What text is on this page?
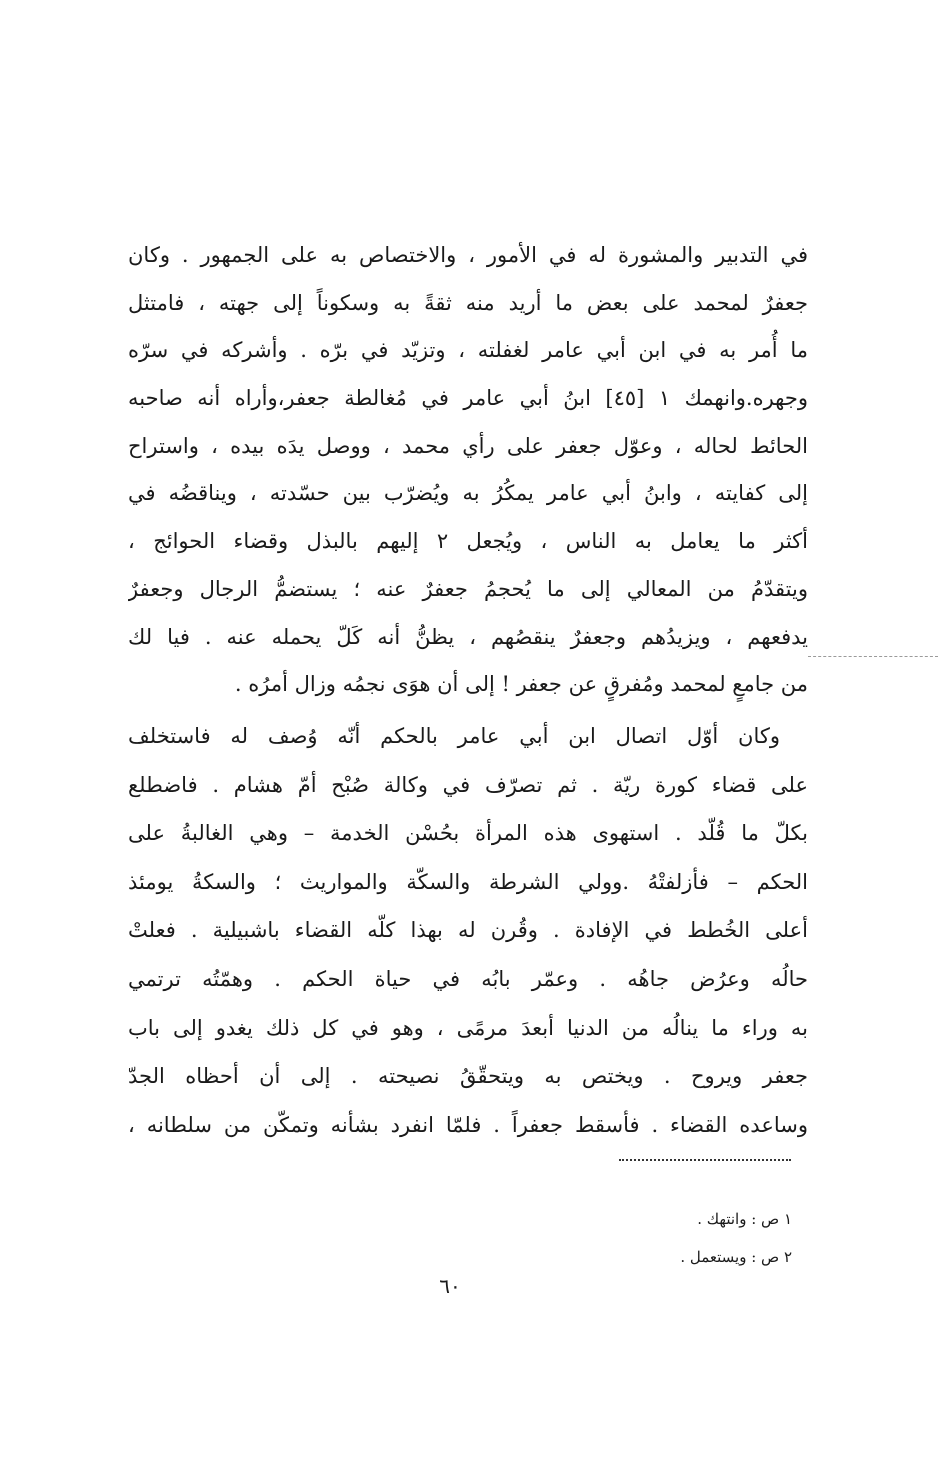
في التدبير والمشورة له في الأمور ، والاختصاص به على الجمهور . وكان
جعفرٌ لمحمد على بعض ما أريد منه ثقةً به وسكوناً إلى جهته ، فامتثل
ما أُمر به في ابن أبي عامر لغفلته ، وتزيّد في برّه . وأشركه في سرّه
وجهره.وانهمك ١ [٤٥] ابنُ أبي عامر في مُغالطة جعفر،وأراه أنه صاحبه
الحائط لحاله ، وعوّل جعفر على رأي محمد ، ووصل يدَه بيده ، واستراح
إلى كفايته ، وابنُ أبي عامر يمكُرُ به ويُضرّب بين حسّدته ، ويناقضُه في
أكثر ما يعامل به الناس ، ويُجعل ٢ إليهم بالبذل وقضاء الحوائج ،
ويتقدّمُ من المعالي إلى ما يُحجمُ جعفرٌ عنه ؛ يستضمُّ الرجال وجعفرٌ
يدفعهم ، ويزيدُهم وجعفرٌ ينقصُهم ، يظنُّ أنه كَلّ يحمله عنه . فيا لك
من جامعٍ لمحمد ومُفرقٍ عن جعفر ! إلى أن هوَى نجمُه وزال أمرُه .
وكان أوّل اتصال ابن أبي عامر بالحكم أنّه وُصف له فاستخلف
على قضاء كورة ريّة . ثم تصرّف في وكالة صُبْح أمّ هشام . فاضطلع
بكلّ ما قُلّد . استهوى هذه المرأة بحُسْن الخدمة – وهي الغالبةُ على
الحكم – فأزلفتْهُ .وولي الشرطة والسكّة والمواريث ؛ والسكةُ يومئذ
أعلى الخُطط في الإفادة . وقُرن له بهذا كلّه القضاء باشبيلية . فعلتْ
حالُه وعرُض جاهُه . وعمّر بابُه في حياة الحكم . وهمّتُه ترتمي
به وراء ما ينالُه من الدنيا أبعدَ مرمًى ، وهو في كل ذلك يغدو إلى باب
جعفر ويروح . ويختص به ويتحقّقُ نصيحته . إلى أن أحظاه الجدّ
وساعده القضاء . فأسقط جعفراً . فلمّا انفرد بشأنه وتمكّن من سلطانه ،
١ ص : وانتهك .
٢ ص : ويستعمل .
٦٠
